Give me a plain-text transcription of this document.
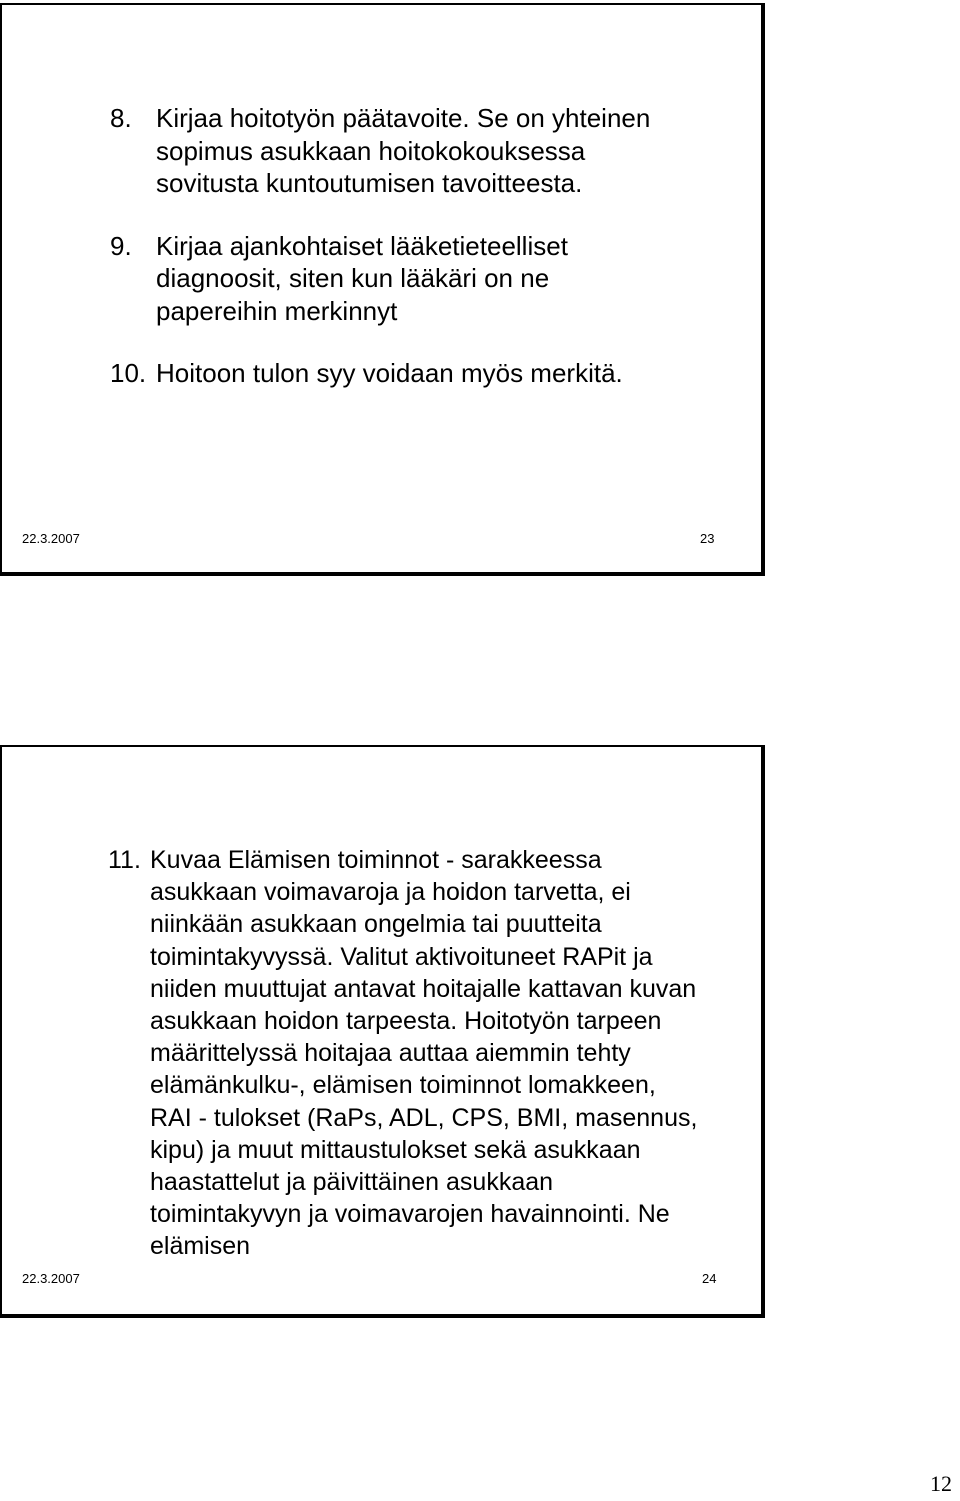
8. Kirjaa hoitotyön päätavoite. Se on yhteinen sopimus asukkaan hoitokokouksessa sovitusta kuntoutumisen tavoitteesta.
9. Kirjaa ajankohtaiset lääketieteelliset diagnoosit, siten kun lääkäri on ne papereihin merkinnyt
10. Hoitoon tulon syy voidaan myös merkitä.
22.3.2007	23
11. Kuvaa Elämisen toiminnot - sarakkeessa asukkaan voimavaroja ja hoidon tarvetta, ei niinkään asukkaan ongelmia tai puutteita toimintakyvyssä. Valitut aktivoituneet RAPit ja niiden muuttujat antavat hoitajalle kattavan kuvan asukkaan hoidon tarpeesta. Hoitotyön tarpeen määrittelyssä hoitajaa auttaa aiemmin tehty elämänkulku-, elämisen toiminnot lomakkeen, RAI - tulokset (RaPs, ADL, CPS, BMI, masennus, kipu) ja muut mittaustulokset sekä asukkaan haastattelut ja päivittäinen asukkaan toimintakyvyn ja voimavarojen havainnointi. Ne elämisen
22.3.2007	24
12
